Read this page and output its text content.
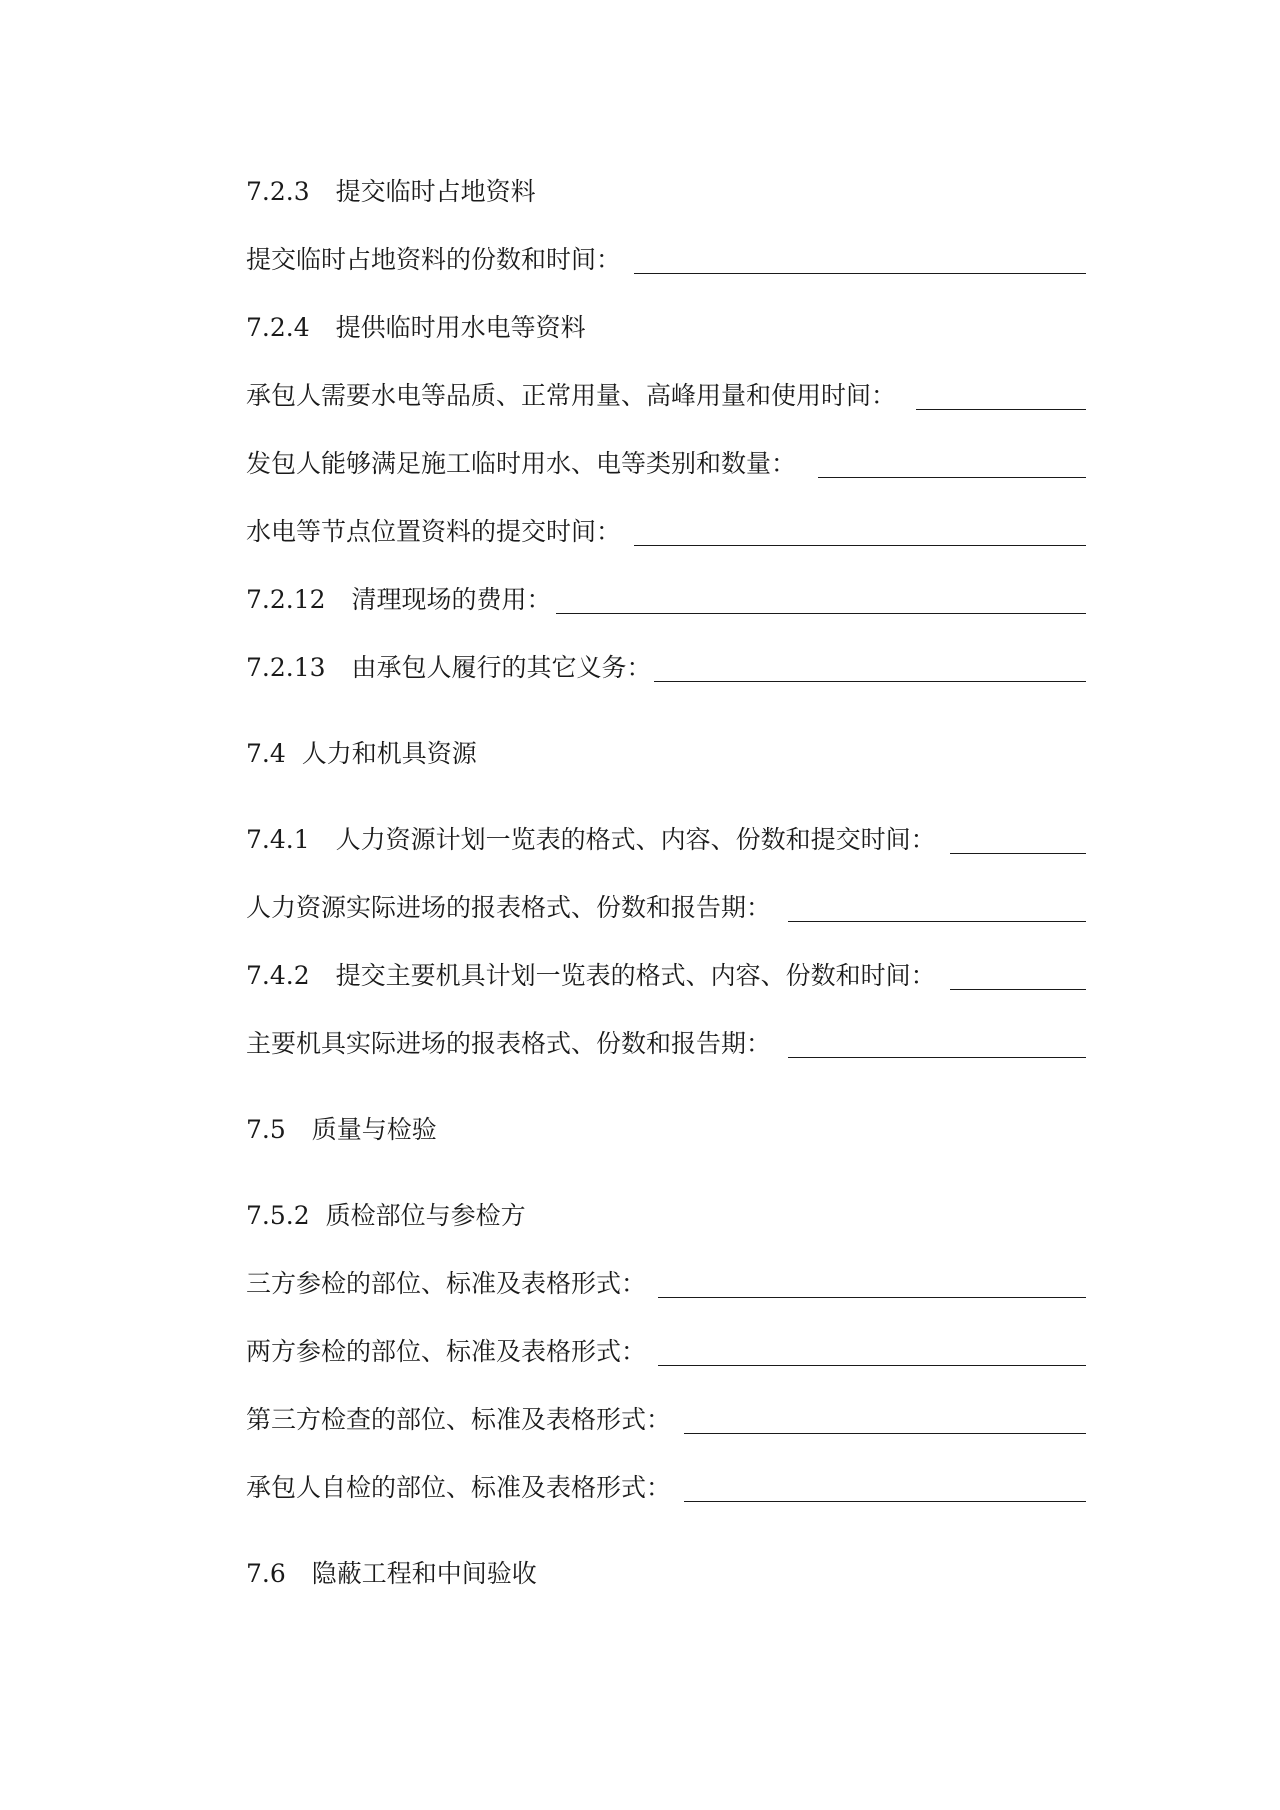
7.2.3 提交临时占地资料
提交临时占地资料的份数和时间：
7.2.4 提供临时用水电等资料
承包人需要水电等品质、正常用量、高峰用量和使用时间：
发包人能够满足施工临时用水、电等类别和数量：
水电等节点位置资料的提交时间：
7.2.12 清理现场的费用：
7.2.13 由承包人履行的其它义务：
7.4 人力和机具资源
7.4.1 人力资源计划一览表的格式、内容、份数和提交时间：
人力资源实际进场的报表格式、份数和报告期：
7.4.2 提交主要机具计划一览表的格式、内容、份数和时间：
主要机具实际进场的报表格式、份数和报告期：
7.5 质量与检验
7.5.2 质检部位与参检方
三方参检的部位、标准及表格形式：
两方参检的部位、标准及表格形式：
第三方检查的部位、标准及表格形式：
承包人自检的部位、标准及表格形式：
7.6 隐蔽工程和中间验收
